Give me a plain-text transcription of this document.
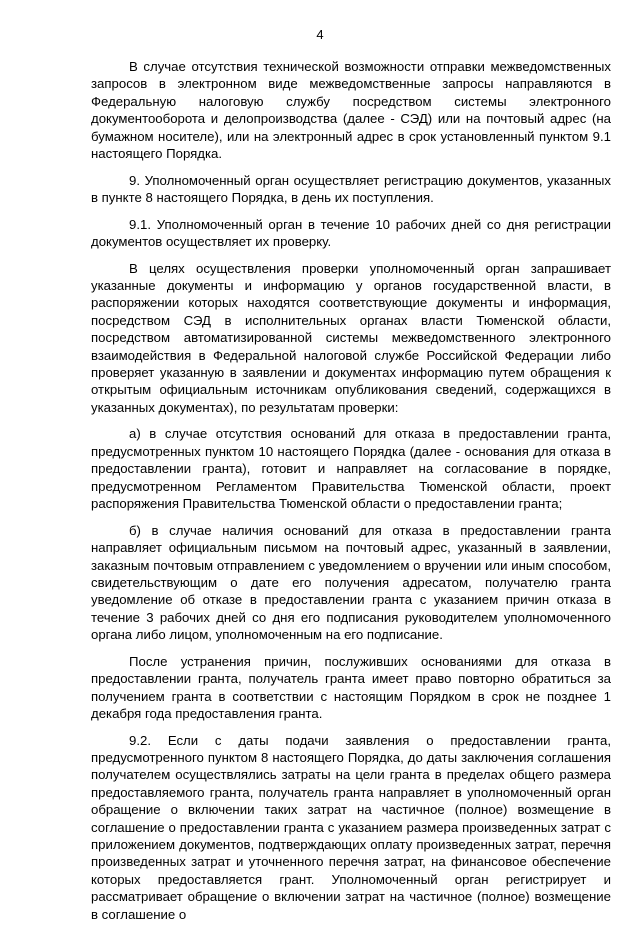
4

В случае отсутствия технической возможности отправки межведомственных запросов в электронном виде межведомственные запросы направляются в Федеральную налоговую службу посредством системы электронного документооборота и делопроизводства (далее - СЭД) или на почтовый адрес (на бумажном носителе), или на электронный адрес в срок установленный пунктом 9.1 настоящего Порядка.

9. Уполномоченный орган осуществляет регистрацию документов, указанных в пункте 8 настоящего Порядка, в день их поступления.

9.1. Уполномоченный орган в течение 10 рабочих дней со дня регистрации документов осуществляет их проверку.

В целях осуществления проверки уполномоченный орган запрашивает указанные документы и информацию у органов государственной власти, в распоряжении которых находятся соответствующие документы и информация, посредством СЭД в исполнительных органах власти Тюменской области, посредством автоматизированной системы межведомственного электронного взаимодействия в Федеральной налоговой службе Российской Федерации либо проверяет указанную в заявлении и документах информацию путем обращения к открытым официальным источникам опубликования сведений, содержащихся в указанных документах), по результатам проверки:

а) в случае отсутствия оснований для отказа в предоставлении гранта, предусмотренных пунктом 10 настоящего Порядка (далее - основания для отказа в предоставлении гранта), готовит и направляет на согласование в порядке, предусмотренном Регламентом Правительства Тюменской области, проект распоряжения Правительства Тюменской области о предоставлении гранта;

б) в случае наличия оснований для отказа в предоставлении гранта направляет официальным письмом на почтовый адрес, указанный в заявлении, заказным почтовым отправлением с уведомлением о вручении или иным способом, свидетельствующим о дате его получения адресатом, получателю гранта уведомление об отказе в предоставлении гранта с указанием причин отказа в течение 3 рабочих дней со дня его подписания руководителем уполномоченного органа либо лицом, уполномоченным на его подписание.

После устранения причин, послуживших основаниями для отказа в предоставлении гранта, получатель гранта имеет право повторно обратиться за получением гранта в соответствии с настоящим Порядком в срок не позднее 1 декабря года предоставления гранта.

9.2. Если с даты подачи заявления о предоставлении гранта, предусмотренного пунктом 8 настоящего Порядка, до даты заключения соглашения получателем осуществлялись затраты на цели гранта в пределах общего размера предоставляемого гранта, получатель гранта направляет в уполномоченный орган обращение о включении таких затрат на частичное (полное) возмещение в соглашение о предоставлении гранта с указанием размера произведенных затрат с приложением документов, подтверждающих оплату произведенных затрат, перечня произведенных затрат и уточненного перечня затрат, на финансовое обеспечение которых предоставляется грант. Уполномоченный орган регистрирует и рассматривает обращение о включении затрат на частичное (полное) возмещение в соглашение о
